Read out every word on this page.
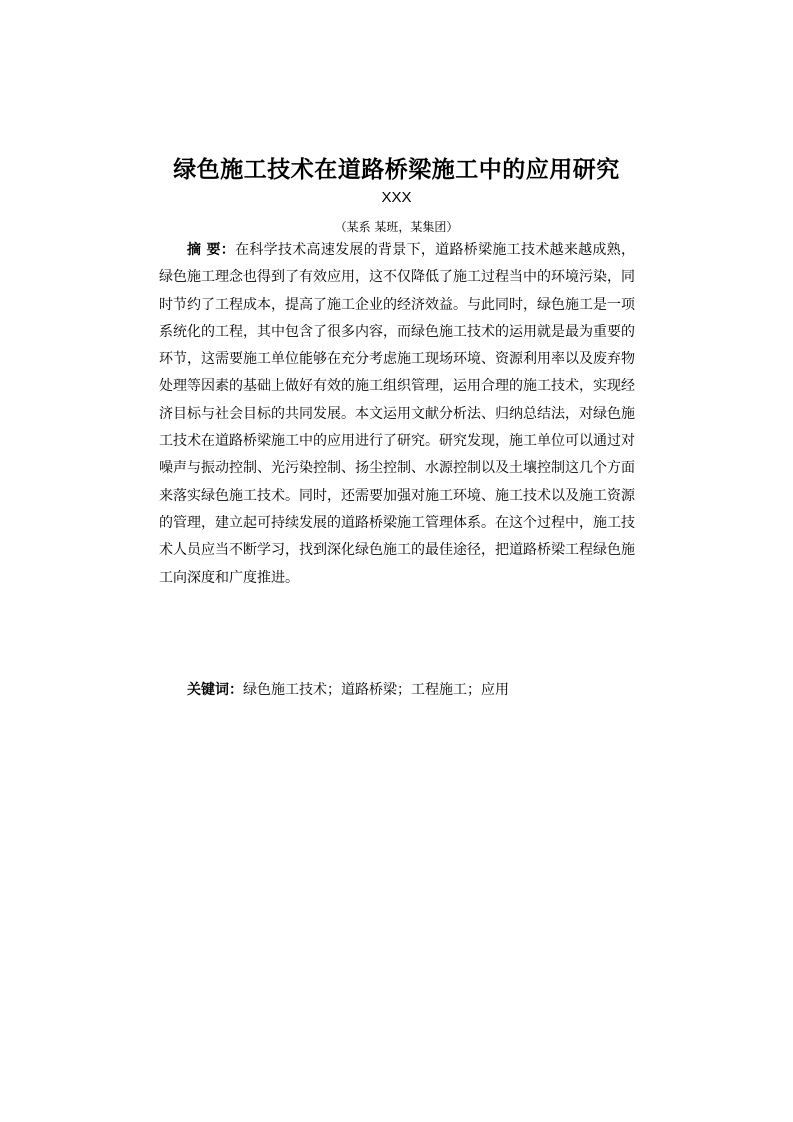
绿色施工技术在道路桥梁施工中的应用研究
XXX
（某系 某班，某集团）

摘 要：在科学技术高速发展的背景下，道路桥梁施工技术越来越成熟，绿色施工理念也得到了有效应用，这不仅降低了施工过程当中的环境污染，同时节约了工程成本，提高了施工企业的经济效益。与此同时，绿色施工是一项系统化的工程，其中包含了很多内容，而绿色施工技术的运用就是最为重要的环节，这需要施工单位能够在充分考虑施工现场环境、资源利用率以及废弃物处理等因素的基础上做好有效的施工组织管理，运用合理的施工技术，实现经济目标与社会目标的共同发展。本文运用文献分析法、归纳总结法，对绿色施工技术在道路桥梁施工中的应用进行了研究。研究发现，施工单位可以通过对噪声与振动控制、光污染控制、扬尘控制、水源控制以及土壤控制这几个方面来落实绿色施工技术。同时，还需要加强对施工环境、施工技术以及施工资源的管理，建立起可持续发展的道路桥梁施工管理体系。在这个过程中，施工技术人员应当不断学习，找到深化绿色施工的最佳途径，把道路桥梁工程绿色施工向深度和广度推进。

关键词：绿色施工技术；道路桥梁；工程施工；应用
